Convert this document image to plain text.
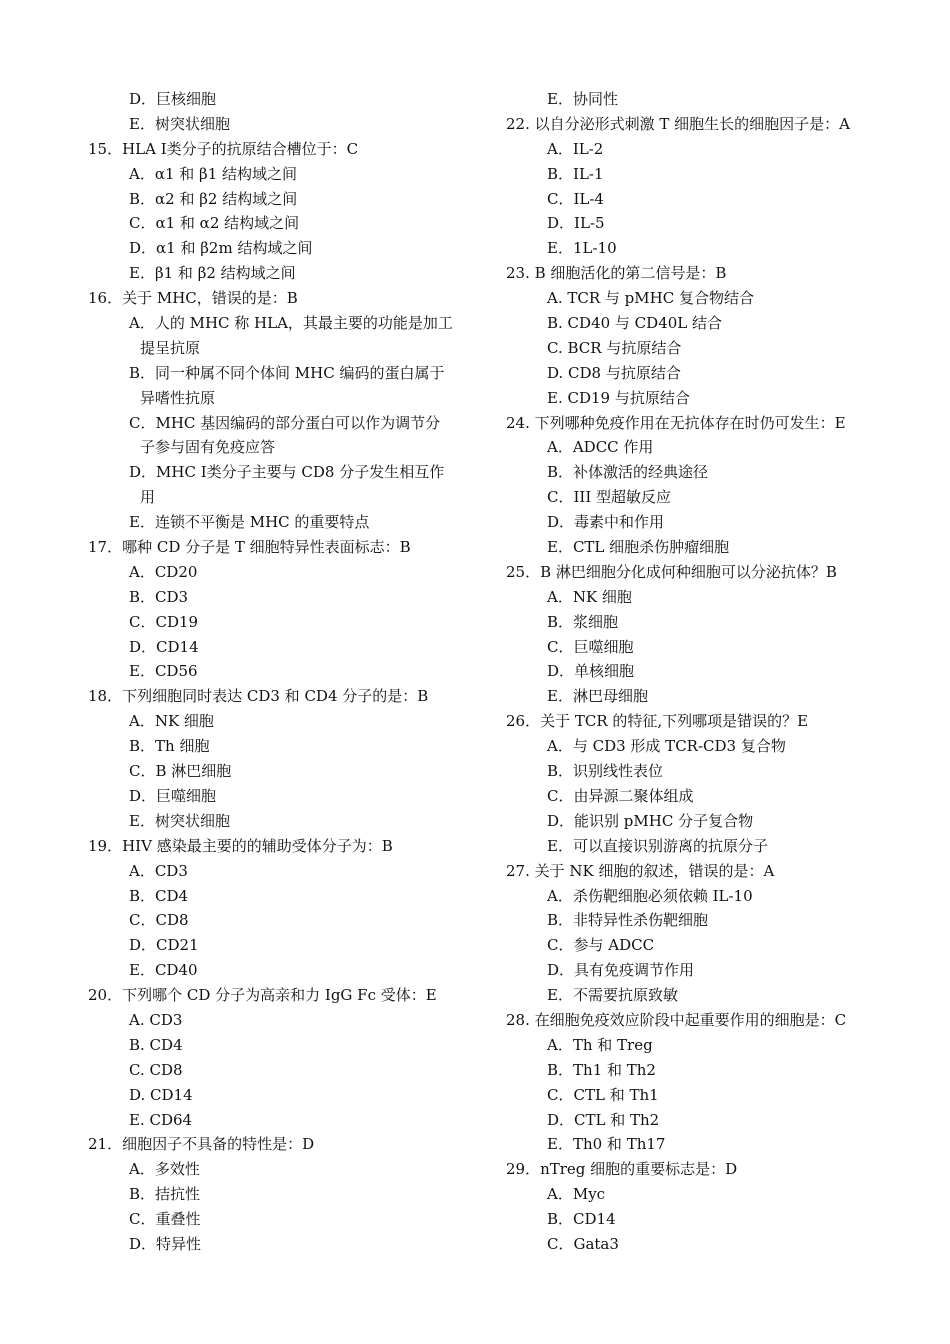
D．巨核细胞
E．树突状细胞
15．HLA Ⅰ类分子的抗原结合槽位于：C
A．α1 和 β1 结构域之间
B．α2 和 β2 结构域之间
C．α1 和 α2 结构域之间
D．α1 和 β2m 结构域之间
E．β1 和 β2 结构域之间
16．关于 MHC，错误的是：B
A．人的 MHC 称 HLA，其最主要的功能是加工
提呈抗原
B．同一种属不同个体间 MHC 编码的蛋白属于
异嗜性抗原
C．MHC 基因编码的部分蛋白可以作为调节分
子参与固有免疫应答
D．MHC Ⅰ类分子主要与 CD8 分子发生相互作
用
E．连锁不平衡是 MHC 的重要特点
17．哪种 CD 分子是 T 细胞特异性表面标志：B
A．CD20
B．CD3
C．CD19
D．CD14
E．CD56
18．下列细胞同时表达 CD3 和 CD4 分子的是：B
A．NK 细胞
B．Th 细胞
C．B 淋巴细胞
D．巨噬细胞
E．树突状细胞
19．HIV 感染最主要的的辅助受体分子为：B
A．CD3
B．CD4
C．CD8
D．CD21
E．CD40
20．下列哪个 CD 分子为高亲和力 IgG Fc 受体：E
A. CD3
B. CD4
C. CD8
D. CD14
E. CD64
21．细胞因子不具备的特性是：D
A．多效性
B．拮抗性
C．重叠性
D．特异性
E．协同性
22. 以自分泌形式刺激 T 细胞生长的细胞因子是：A
A．IL-2
B．IL-1
C．IL-4
D．IL-5
E．1L-10
23. B 细胞活化的第二信号是：B
A. TCR 与 pMHC 复合物结合
B. CD40 与 CD40L 结合
C. BCR 与抗原结合
D. CD8 与抗原结合
E. CD19 与抗原结合
24. 下列哪种免疫作用在无抗体存在时仍可发生：E
A．ADCC 作用
B．补体激活的经典途径
C．III 型超敏反应
D．毒素中和作用
E．CTL 细胞杀伤肿瘤细胞
25．B 淋巴细胞分化成何种细胞可以分泌抗体？B
A．NK 细胞
B．浆细胞
C．巨噬细胞
D．单核细胞
E．淋巴母细胞
26．关于 TCR 的特征,下列哪项是错误的？E
A．与 CD3 形成 TCR-CD3 复合物
B．识别线性表位
C．由异源二聚体组成
D．能识别 pMHC 分子复合物
E．可以直接识别游离的抗原分子
27. 关于 NK 细胞的叙述，错误的是：A
A．杀伤靶细胞必须依赖 IL-10
B．非特异性杀伤靶细胞
C．参与 ADCC
D．具有免疫调节作用
E．不需要抗原致敏
28. 在细胞免疫效应阶段中起重要作用的细胞是：C
A．Th 和 Treg
B．Th1 和 Th2
C．CTL 和 Th1
D．CTL 和 Th2
E．Th0 和 Th17
29．nTreg 细胞的重要标志是：D
A．Myc
B．CD14
C．Gata3
